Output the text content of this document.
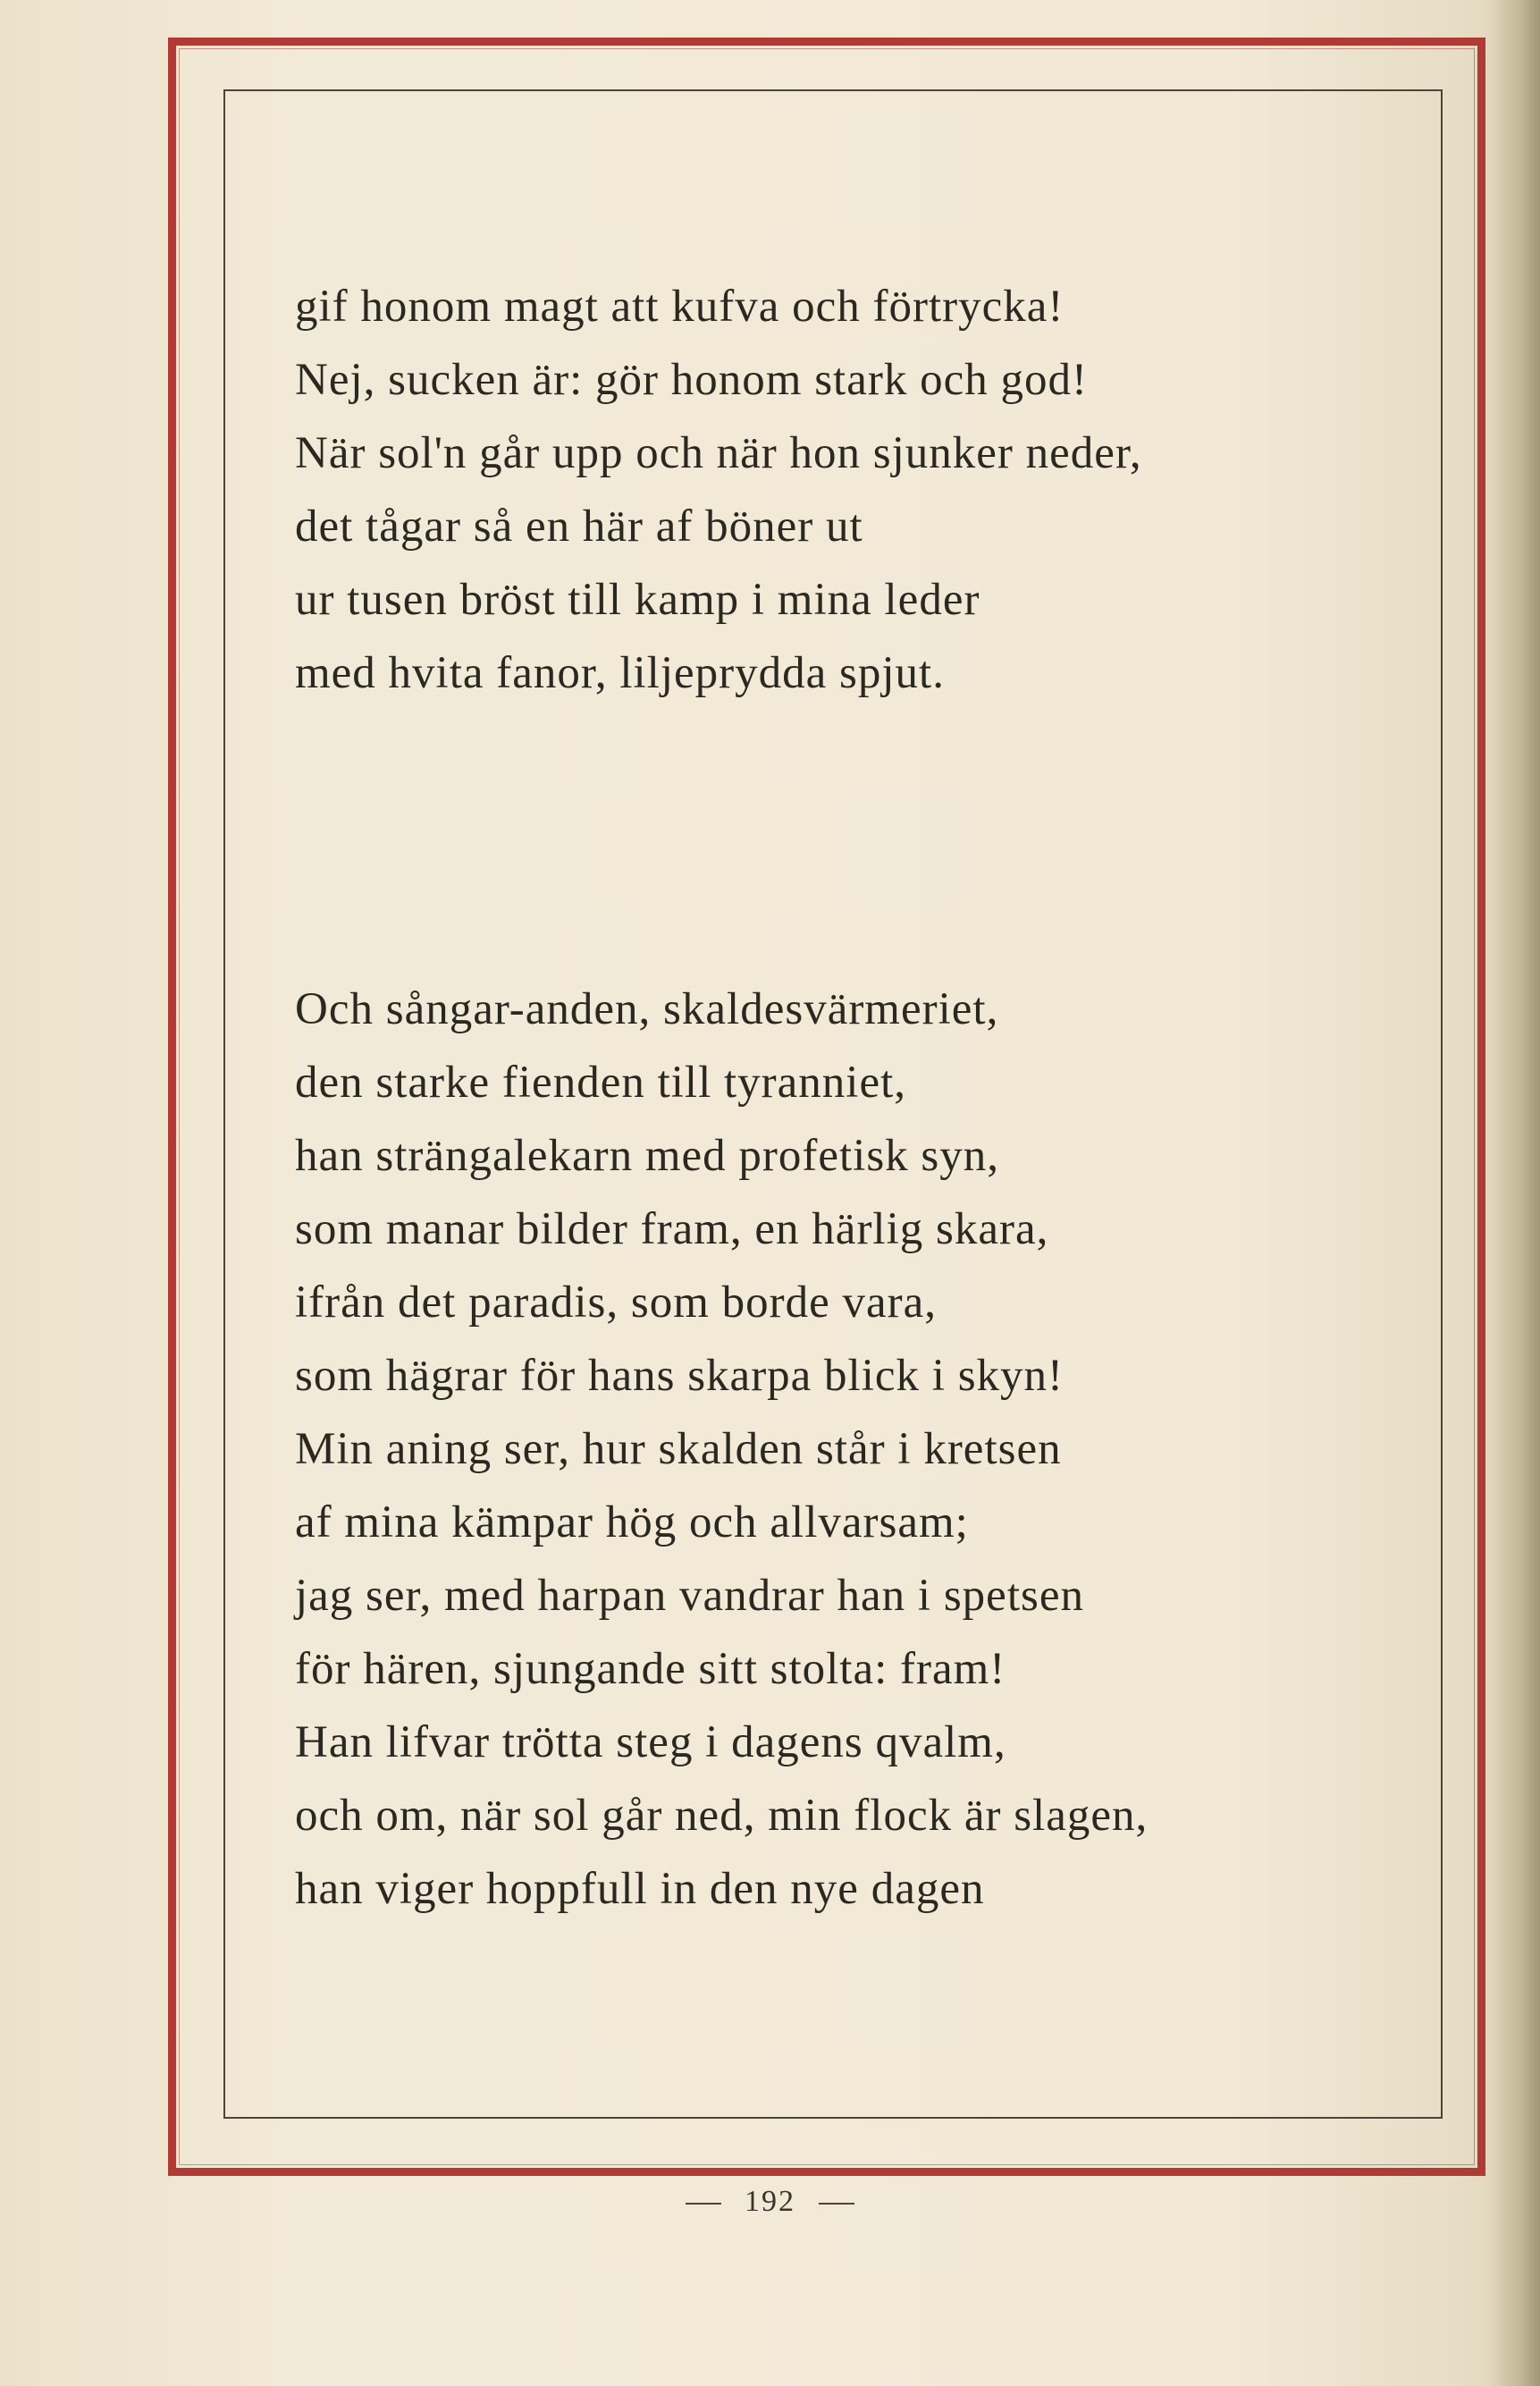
gif honom magt att kufva och förtrycka!
Nej, sucken är: gör honom stark och god!
När sol'n går upp och när hon sjunker neder,
det tågar så en här af böner ut
ur tusen bröst till kamp i mina leder
med hvita fanor, liljeprydda spjut.
Och sångar-anden, skaldesvärmeriet,
den starke fienden till tyranniet,
han strängalekarn med profetisk syn,
som manar bilder fram, en härlig skara,
ifrån det paradis, som borde vara,
som hägrar för hans skarpa blick i skyn!
Min aning ser, hur skalden står i kretsen
af mina kämpar hög och allvarsam;
jag ser, med harpan vandrar han i spetsen
för hären, sjungande sitt stolta: fram!
Han lifvar trötta steg i dagens qvalm,
och om, när sol går ned, min flock är slagen,
han viger hoppfull in den nye dagen
192
